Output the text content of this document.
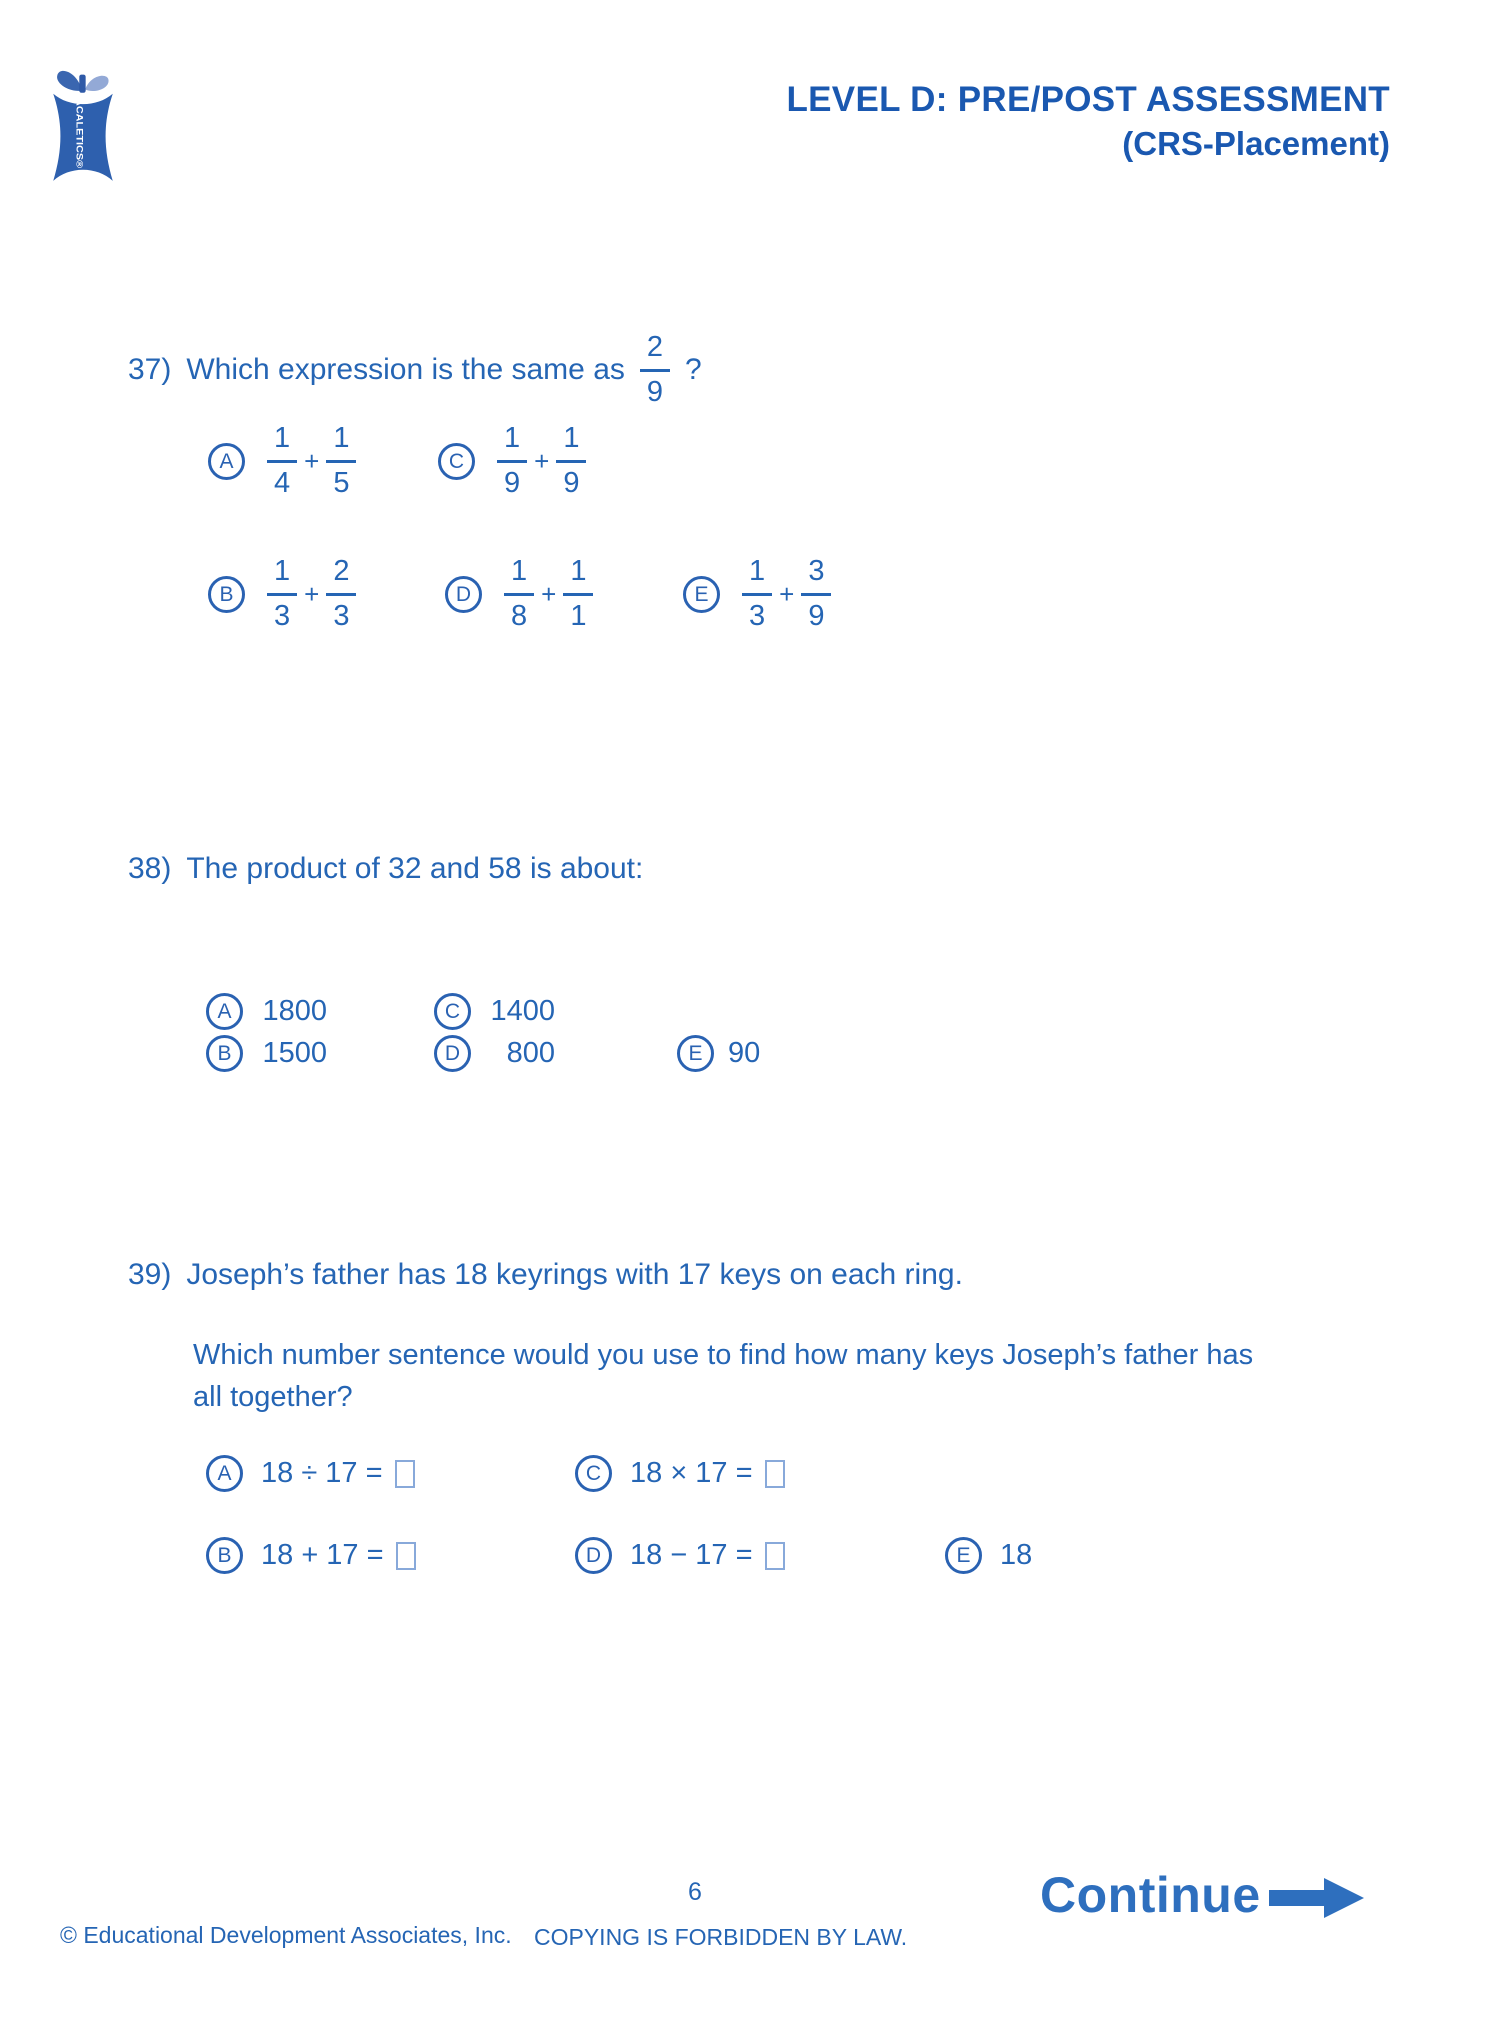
ACALETICS®	LEVEL D: PRE/POST ASSESSMENT
(CRS-Placement)
37) Which expression is the same as $\frac{2}{9}$ ?
A	$\frac{1}{4} + \frac{1}{5}$	C	$\frac{1}{9} + \frac{1}{9}$
B	$\frac{1}{3} + \frac{2}{3}$	D	$\frac{1}{8} + \frac{1}{1}$	E	$\frac{1}{3} + \frac{3}{9}$
38) The product of 32 and 58 is about:
A	1800	C	1400
B	1500	D	800	E 90
39) Joseph’s father has 18 keyrings with 17 keys on each ring.
Which number sentence would you use to find how many keys Joseph’s father has
all together?
A	18 ÷ 17 =	C 18 × 17 =
B	18 + 17 =	D 18 − 17 =	E	18
© Educational Development Associates, Inc.
6
COPYING IS FORBIDDEN BY LAW.
Continue
